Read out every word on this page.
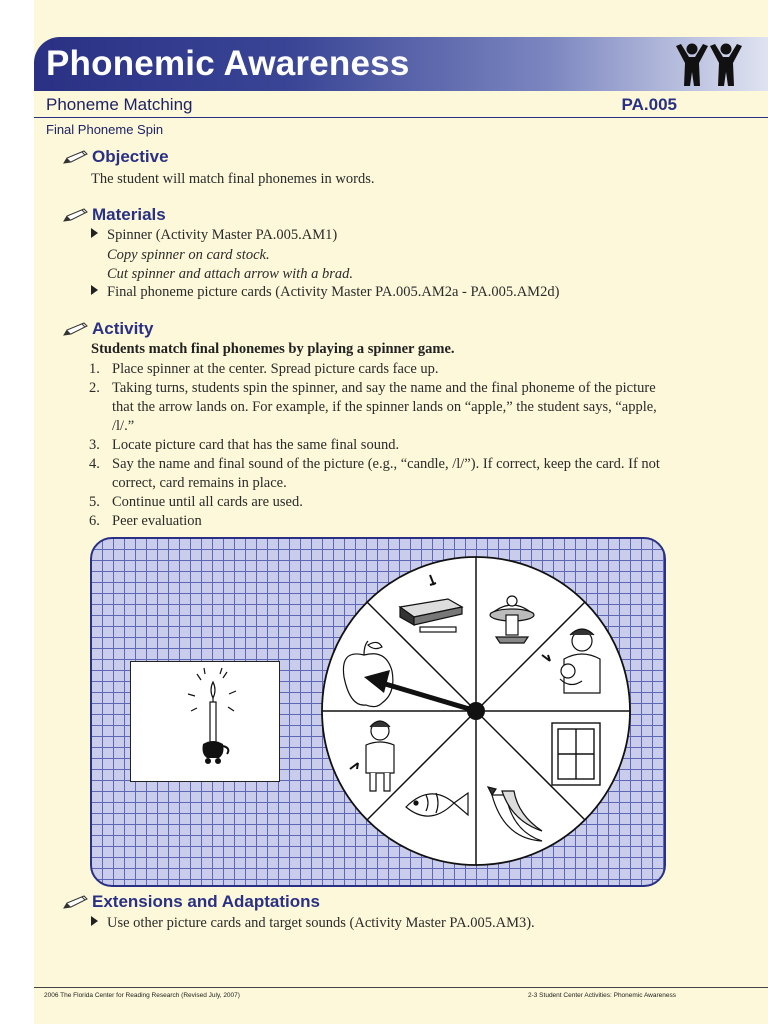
Phonemic Awareness
Phoneme Matching	PA.005
Final Phoneme Spin
Objective
The student will match final phonemes in words.
Materials
Spinner (Activity Master PA.005.AM1)
Copy spinner on card stock.
Cut spinner and attach arrow with a brad.
Final phoneme picture cards (Activity Master PA.005.AM2a - PA.005.AM2d)
Activity
Students match final phonemes by playing a spinner game.
1. Place spinner at the center. Spread picture cards face up.
2. Taking turns, students spin the spinner, and say the name and the final phoneme of the picture that the arrow lands on. For example, if the spinner lands on “apple,” the student says, “apple, /l/.”
3. Locate picture card that has the same final sound.
4. Say the name and final sound of the picture (e.g., “candle, /l/”). If correct, keep the card. If not correct, card remains in place.
5. Continue until all cards are used.
6. Peer evaluation
Extensions and Adaptations
Use other picture cards and target sounds (Activity Master PA.005.AM3).
2006 The Florida Center for Reading Research (Revised July, 2007)	2-3 Student Center Activities: Phonemic Awareness
